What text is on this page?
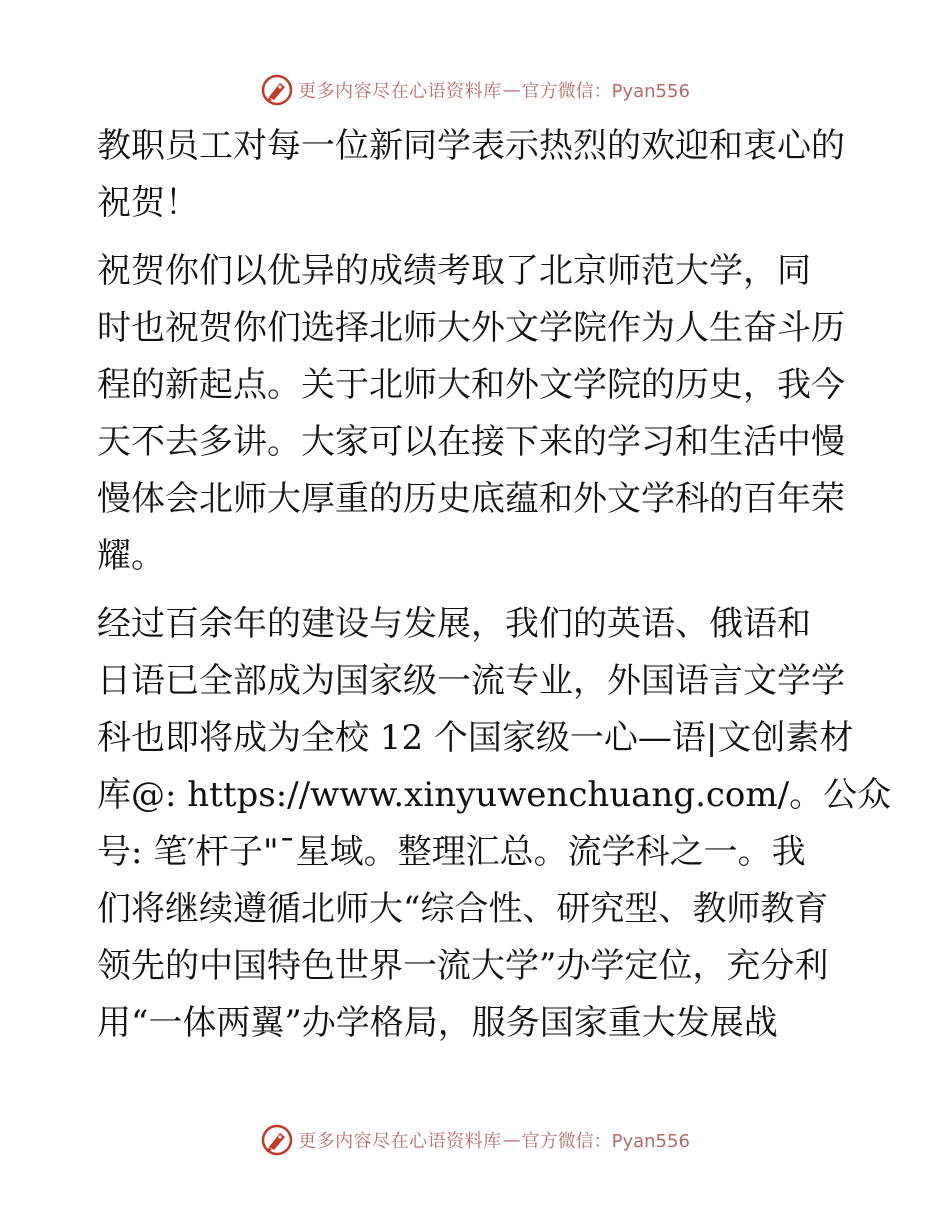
更多内容尽在心语资料库 — 官方微信：Pyan556
教职员工对每一位新同学表示热烈的欢迎和衷心的
祝贺！
祝贺你们以优异的成绩考取了北京师范大学，同
时也祝贺你们选择北师大外文学院作为人生奋斗历
程的新起点。关于北师大和外文学院的历史，我今
天不去多讲。大家可以在接下来的学习和生活中慢
慢体会北师大厚重的历史底蕴和外文学科的百年荣
耀。
经过百余年的建设与发展，我们的英语、俄语和
日语已全部成为国家级一流专业，外国语言文学学
科也即将成为全校 12 个国家级一心—语|文创素材
库@: https://www.xinyuwenchuang.com/。公众
号: 笔′杆子"¯星域。整理汇总。流学科之一。我
们将继续遵循北师大“综合性、研究型、教师教育
领先的中国特色世界一流大学”办学定位，充分利
用“一体两翼”办学格局，服务国家重大发展战
更多内容尽在心语资料库 — 官方微信：Pyan556
